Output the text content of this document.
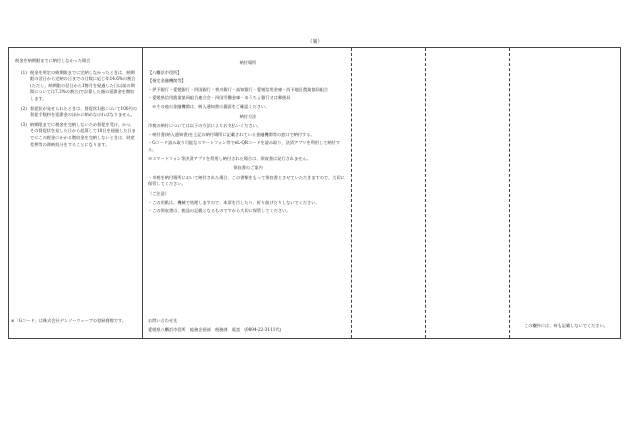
（裏）
税金を納期限までに納付しなかった場合
(1) 税金を所定の納期限までに完納しなかったときは、納期限の翌日から完納の日までの日数に応じ年14.6%の割合(ただし、納期限の翌日から1箇月を経過した日以前の期間については7.3%の割合)で計算した額の延滞金を徴収します。
(2) 督促状が発せられたときは、督促状1通について100円の督促手数料を延滞金のほかに納めなければなりません。
(3) 納期限までに税金を完納しないため督促を受け、かつ、その督促状を発した日から起算して10日を経過した日までにこの税金にかかる徴収金を完納しないときは、財産差押等の滞納処分をすることになります。
※「Gコード」は株式会社デンソーウェーブの登録商標です。
納付場所
【八幡浜市役所】
【指定金融機関等】
・伊予銀行・愛媛銀行・四国銀行・香川銀行・高知銀行・愛媛信用金庫・西予地区農業協同組合
・愛媛県信用漁業協同組合連合会・四国労働金庫・ゆうちょ銀行又は郵便局
※その他の金融機関は、納入通知書の裏面をご確認ください。
納付方法
市税の納付については以下の方法によりお支払いください。
・納付書(納入通知書)を上記の納付場所に記載されている金融機関等の窓口で納付する。
・Gコード読み取り可能なスマートフォン等でeL-QRコードを読み取り、決済アプリを利用して納付する。
※スマートフォン等決済アプリを利用し納付された場合は、領収書は発行されません。
領収書のご案内
・市税を納付場所において納付された場合、この書類をもって領収書とさせていただきますので、大切に保管してください。
（ご注意）
・この用紙は、機械で処理しますので、本票を汚したり、折り曲げたりしないでください。
・この領収書は、税品の記載となるものですから大切に保管してください。
お問い合わせ先
愛媛県八幡浜市役所　総務企画部　税務課　電話　(0894-22-3111代)
この欄外には、何も記載しないでください。
